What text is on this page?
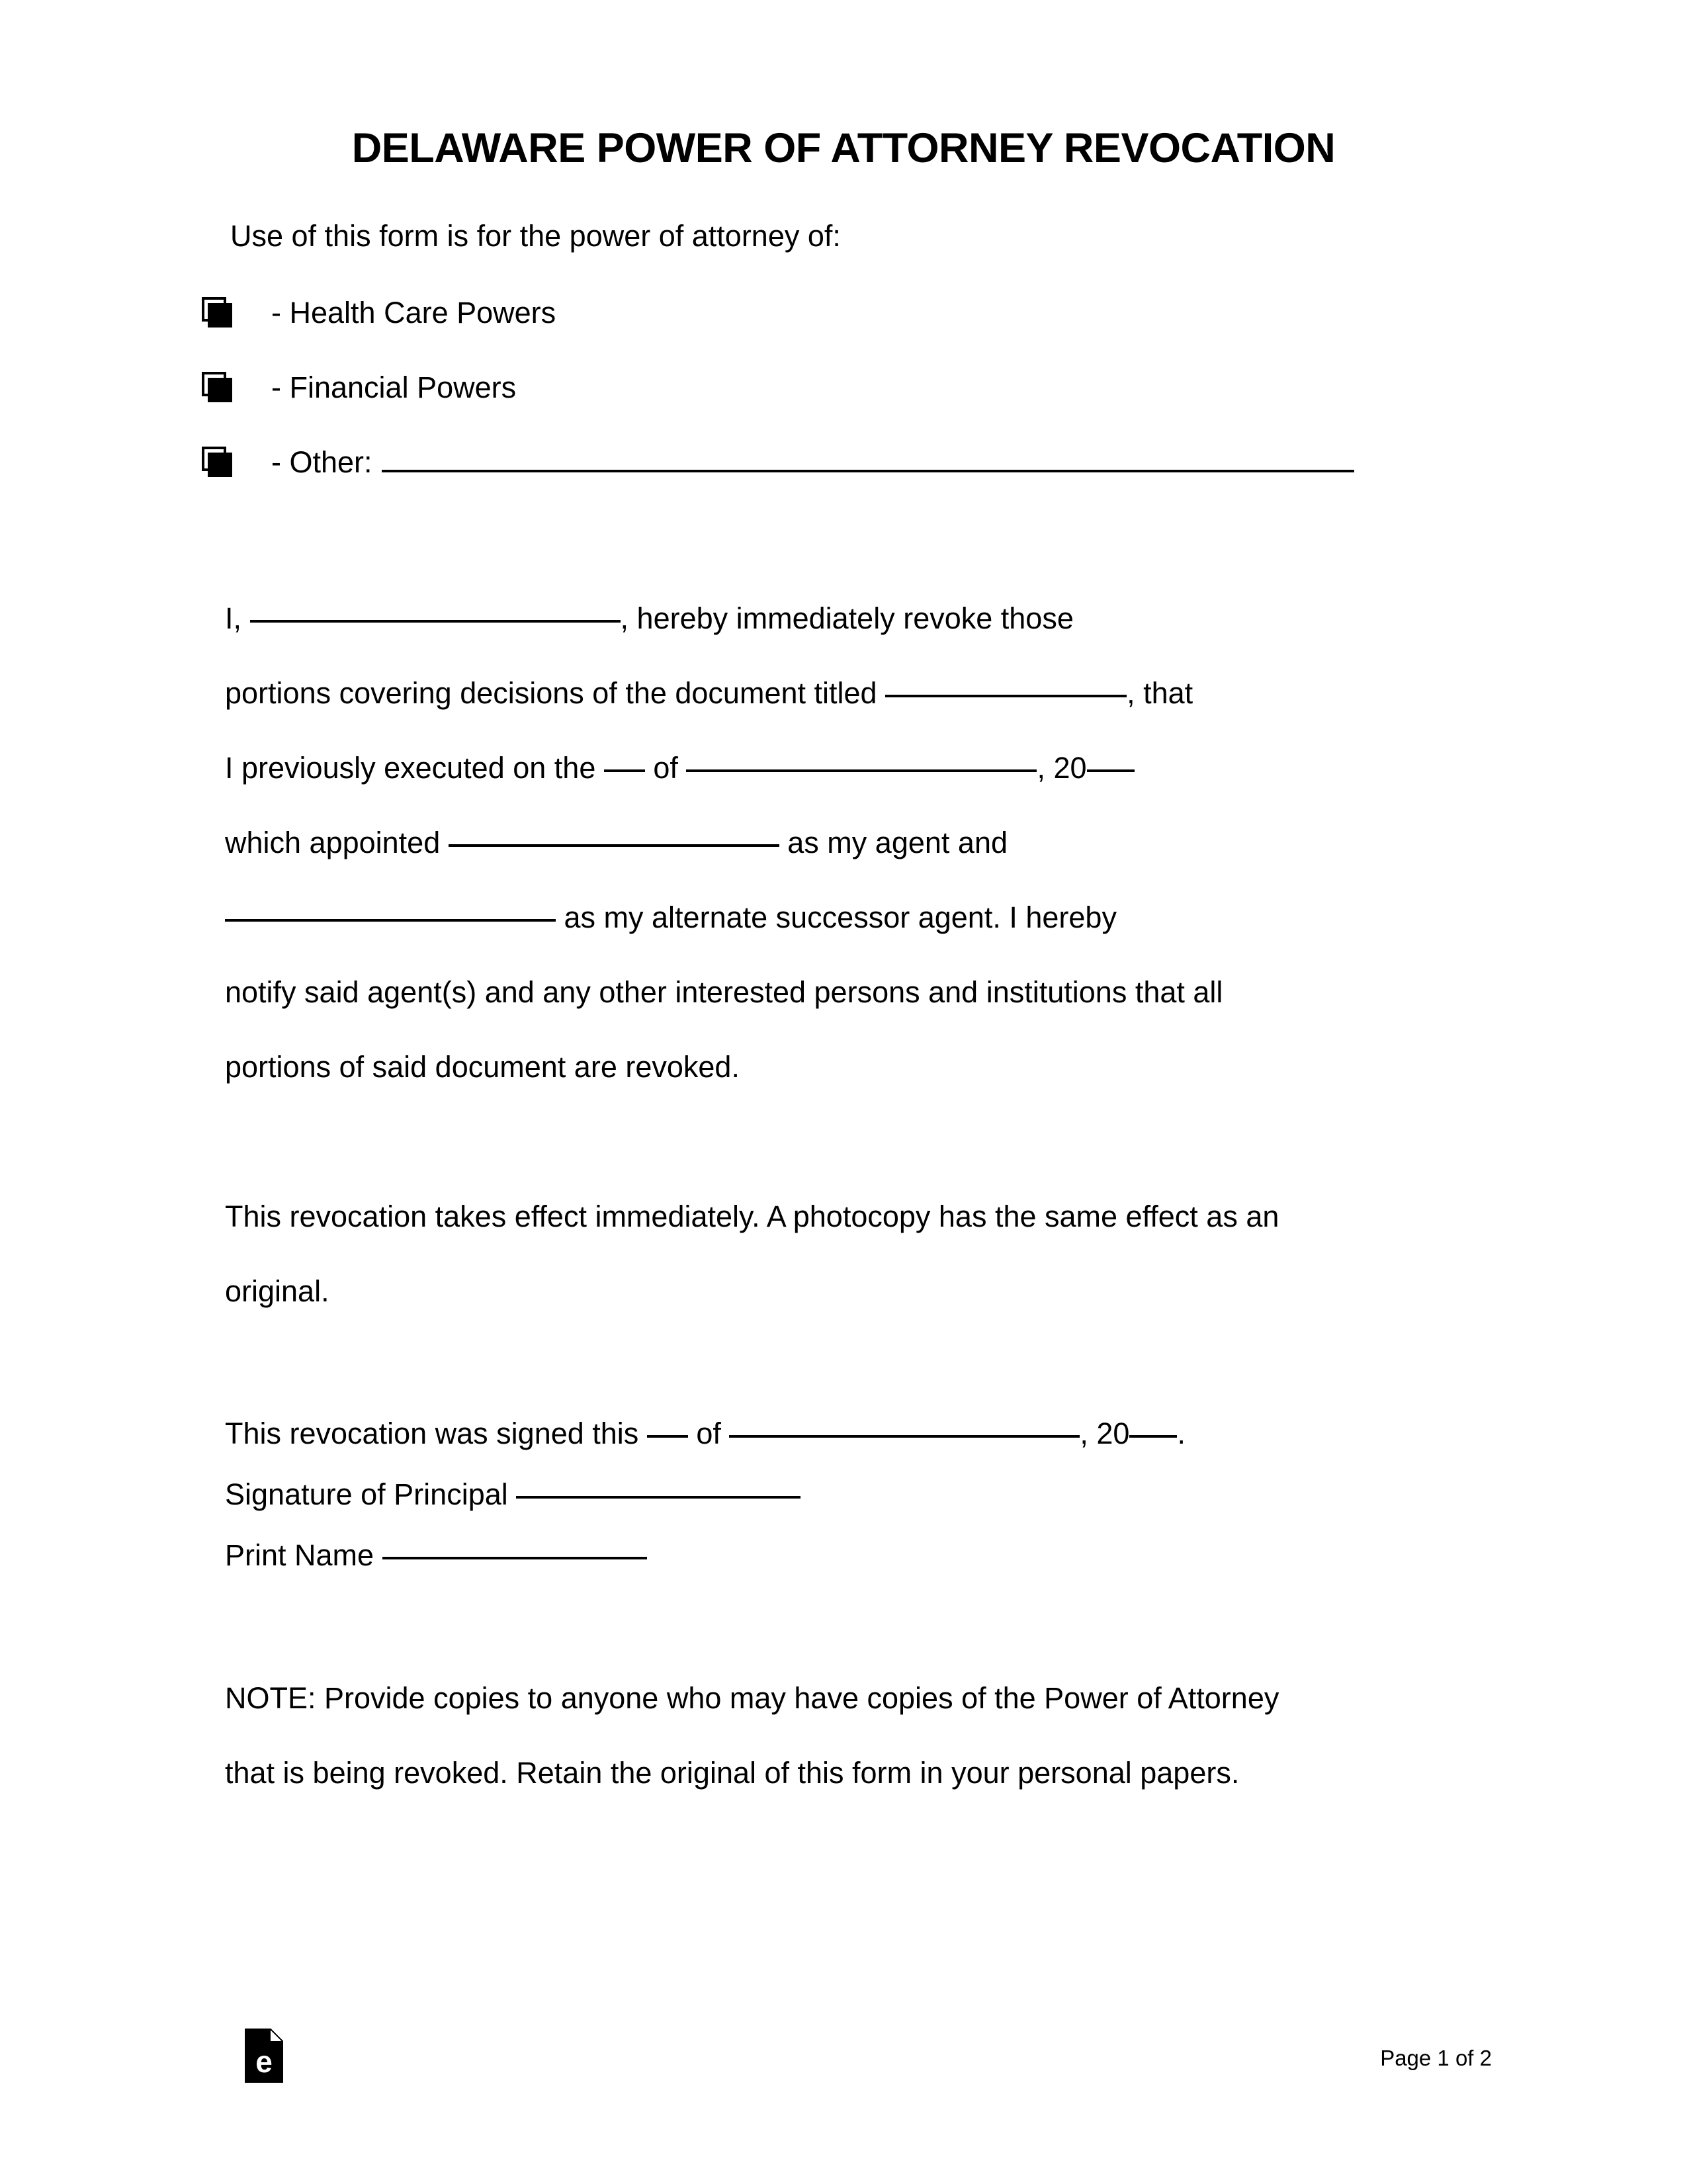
DELAWARE POWER OF ATTORNEY REVOCATION
Use of this form is for the power of attorney of:
- Health Care Powers
- Financial Powers
- Other:
I,	, hereby immediately revoke those
portions covering decisions of the document titled	, that
I previously executed on the of	, 20
which appointed	as my agent and
as my alternate successor agent. I hereby
notify said agent(s) and any other interested persons and institutions that all
portions of said document are revoked.
This revocation takes effect immediately. A photocopy has the same effect as an
original.
This revocation was signed this of	, 20 .
Signature of Principal
Print Name
NOTE: Provide copies to anyone who may have copies of the Power of Attorney
that is being revoked. Retain the original of this form in your personal papers.
e	Page 1 of 2
